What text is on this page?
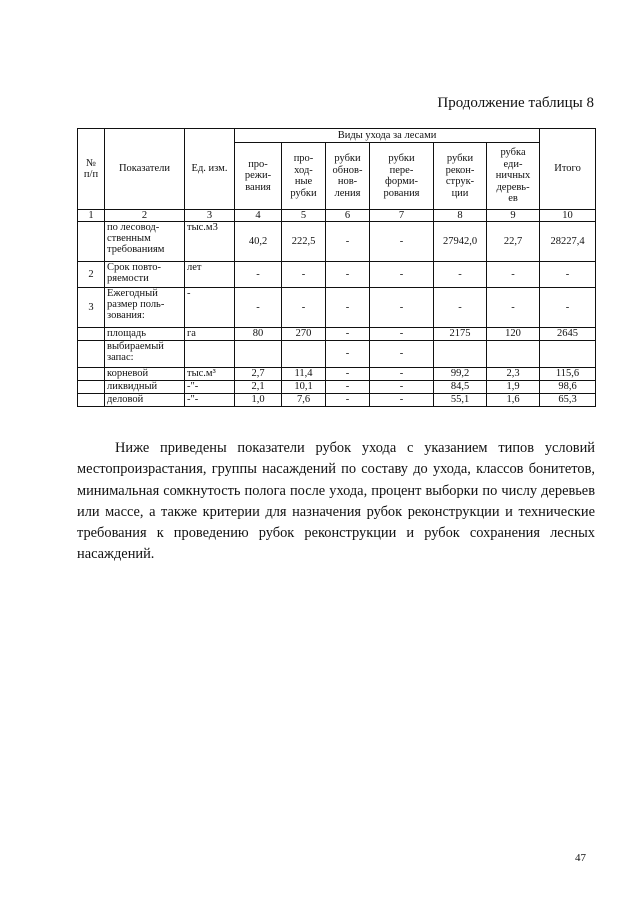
Продолжение таблицы 8
№
п/п	Показатели	Ед. изм.	Виды ухода за лесами						Итого
			про-
режи-
вания	про-
ход-
ные
рубки	рубки
обнов-
нов-
ления	рубки
пере-
форми-
рования	рубки
рекон-
струк-
ции	рубка
еди-
ничных
деревь-
ев	
1	2	3	4	5	6	7	8	9	10
	по лесовод-
ственным
требованиям	тыс.м3	40,2	222,5	-	-	27942,0	22,7	28227,4
2	Срок повто-
ряемости	лет	-	-	-	-	-	-	-
3	Ежегодный
размер поль-
зования:	-	-	-	-	-	-	-	-
	площадь	га	80	270	-	-	2175	120	2645
	выбираемый
запас:				-	-			
	корневой	тыс.м³	2,7	11,4	-	-	99,2	2,3	115,6
	ликвидный	-"-	2,1	10,1	-	-	84,5	1,9	98,6
	деловой	-"-	1,0	7,6	-	-	55,1	1,6	65,3

Ниже приведены показатели рубок ухода с указанием типов условий местопроизрастания, группы насаждений по составу до ухода, классов бонитетов, минимальная сомкнутость полога после ухода, процент выборки по числу деревьев или массе, а также критерии для назначения рубок реконструкции и технические требования к проведению рубок реконструкции и рубок сохранения лесных насаждений.

47
